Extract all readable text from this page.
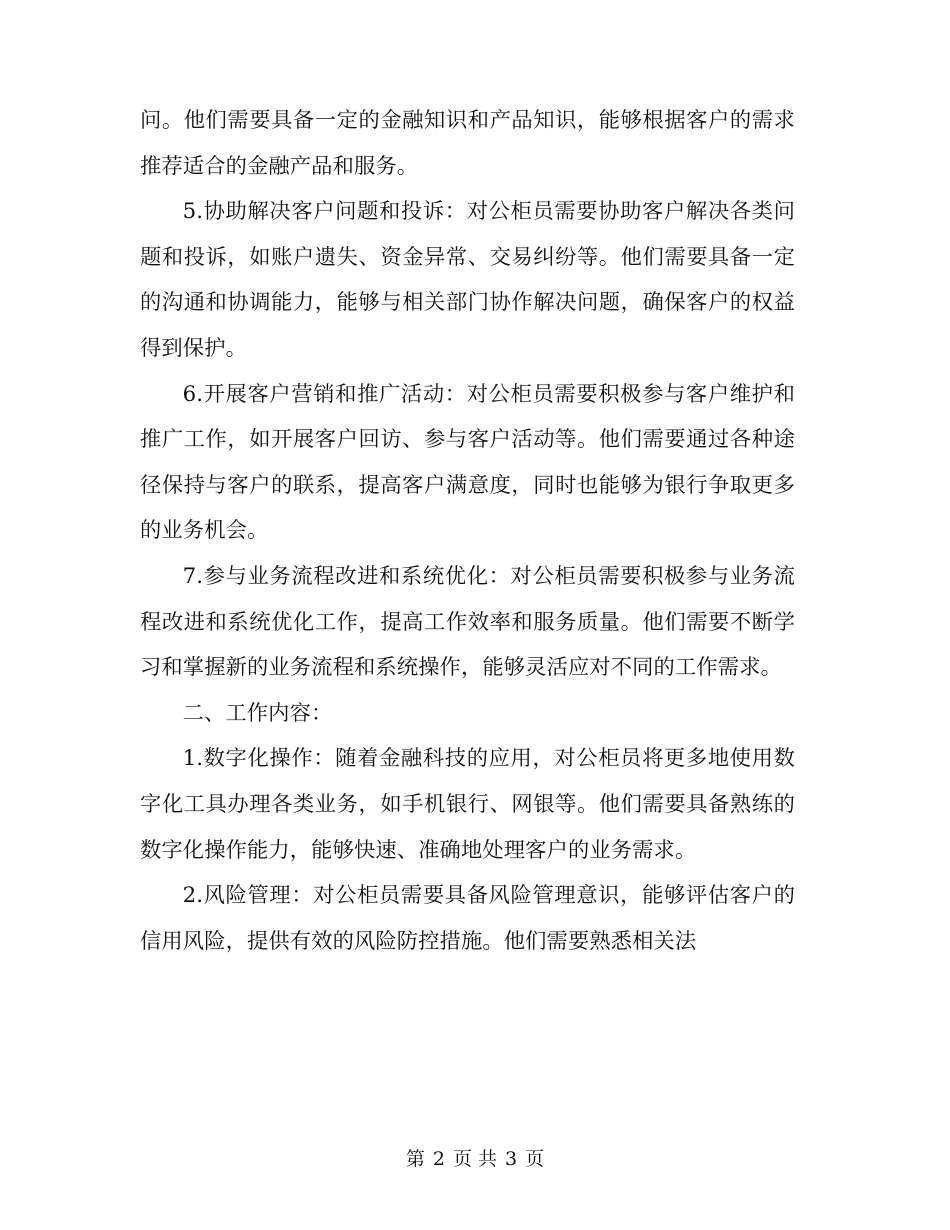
问。他们需要具备一定的金融知识和产品知识，能够根据客户的需求推荐适合的金融产品和服务。

5.协助解决客户问题和投诉：对公柜员需要协助客户解决各类问题和投诉，如账户遗失、资金异常、交易纠纷等。他们需要具备一定的沟通和协调能力，能够与相关部门协作解决问题，确保客户的权益得到保护。

6.开展客户营销和推广活动：对公柜员需要积极参与客户维护和推广工作，如开展客户回访、参与客户活动等。他们需要通过各种途径保持与客户的联系，提高客户满意度，同时也能够为银行争取更多的业务机会。

7.参与业务流程改进和系统优化：对公柜员需要积极参与业务流程改进和系统优化工作，提高工作效率和服务质量。他们需要不断学习和掌握新的业务流程和系统操作，能够灵活应对不同的工作需求。

二、工作内容：

1.数字化操作：随着金融科技的应用，对公柜员将更多地使用数字化工具办理各类业务，如手机银行、网银等。他们需要具备熟练的数字化操作能力，能够快速、准确地处理客户的业务需求。

2.风险管理：对公柜员需要具备风险管理意识，能够评估客户的信用风险，提供有效的风险防控措施。他们需要熟悉相关法

第 2 页 共 3 页
